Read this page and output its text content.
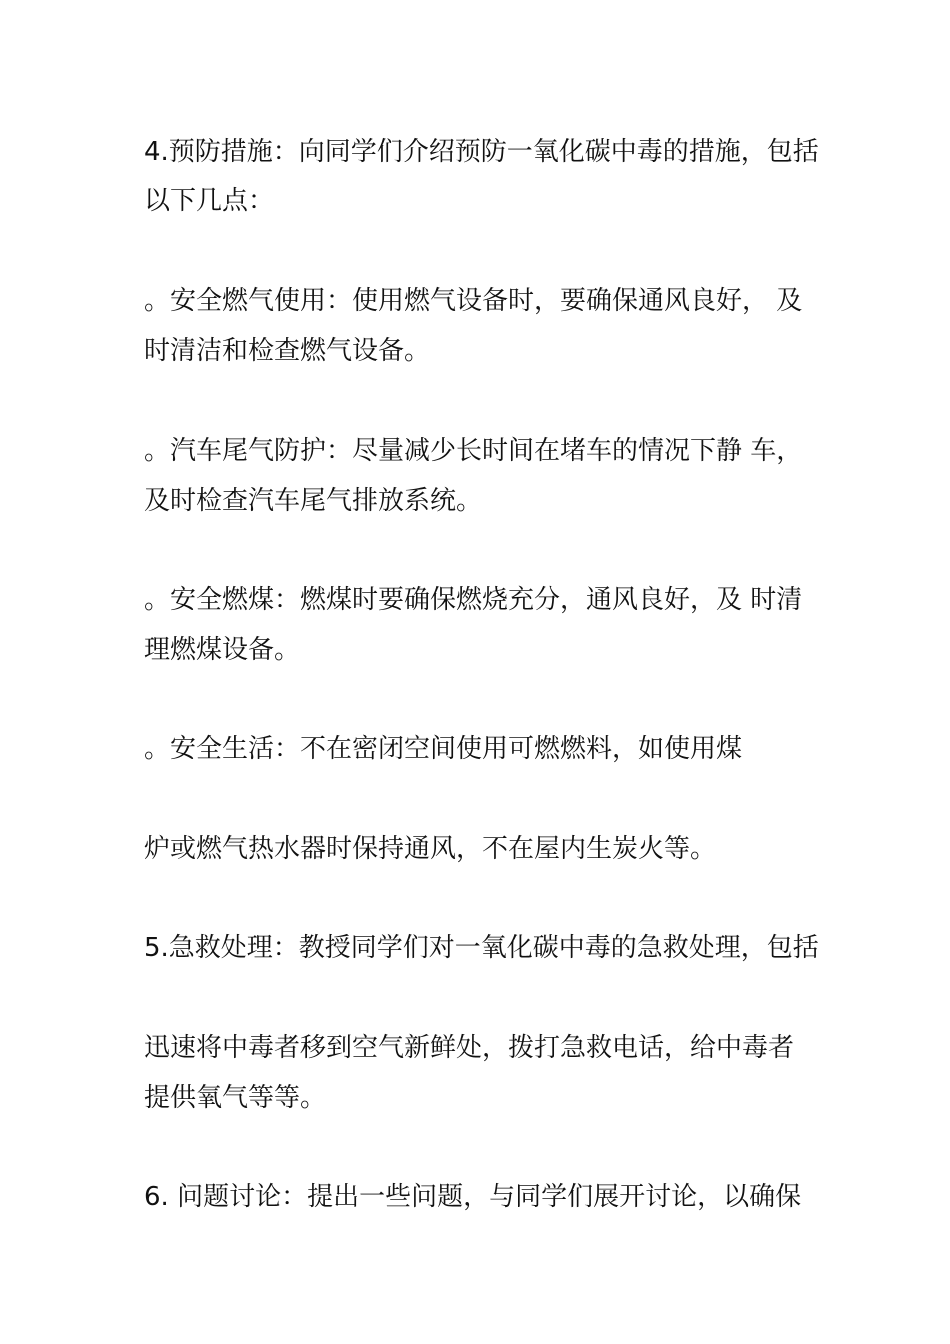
4.预防措施：向同学们介绍预防一氧化碳中毒的措施，包括
以下几点：
。安全燃气使用：使用燃气设备时，要确保通风良好， 及
时清洁和检查燃气设备。
。汽车尾气防护：尽量减少长时间在堵车的情况下静 车，
及时检查汽车尾气排放系统。
。安全燃煤：燃煤时要确保燃烧充分，通风良好，及 时清
理燃煤设备。
。安全生活：不在密闭空间使用可燃燃料，如使用煤
炉或燃气热水器时保持通风，不在屋内生炭火等。
5.急救处理：教授同学们对一氧化碳中毒的急救处理，包括
迅速将中毒者移到空气新鲜处，拨打急救电话，给中毒者
提供氧气等等。
6. 问题讨论：提出一些问题，与同学们展开讨论，以确保
